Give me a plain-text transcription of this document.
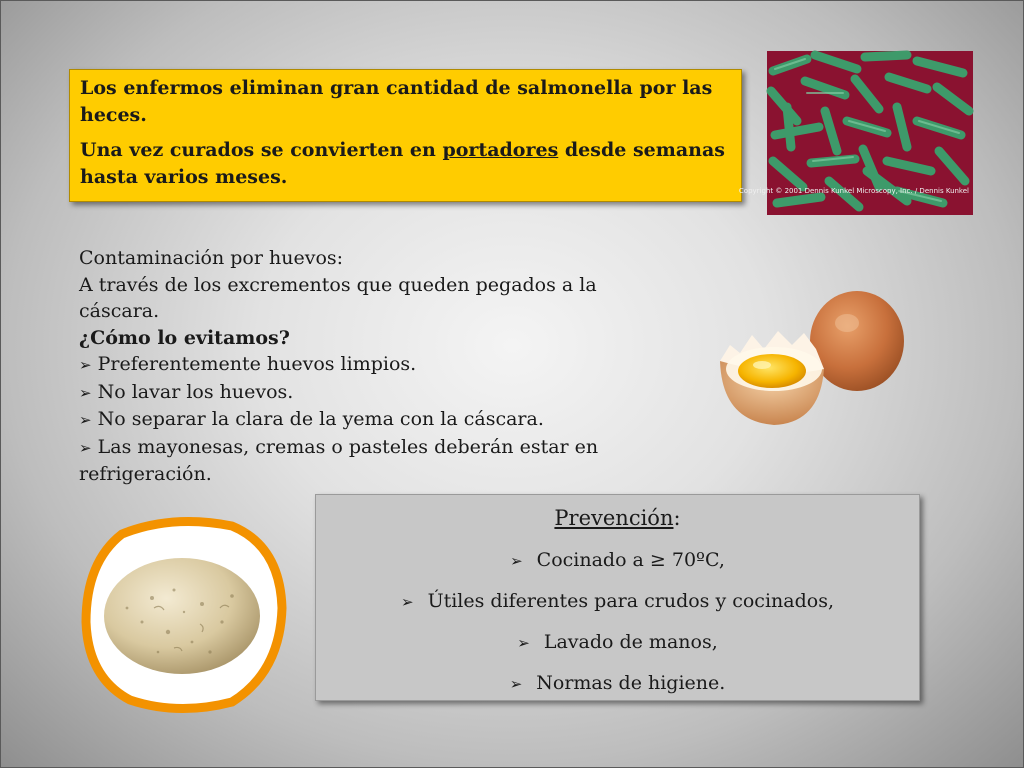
Los enfermos eliminan gran cantidad de salmonella por las heces.

Una vez curados se convierten en portadores desde semanas hasta varios meses.

Copyright © 2001 Dennis Kunkel Microscopy, Inc. / Dennis Kunkel
Contaminación por huevos:
A través de los excrementos que queden pegados a la cáscara.
¿Cómo lo evitamos?
➢ Preferentemente huevos limpios.
➢ No lavar los huevos.
➢ No separar la clara de la yema con la cáscara.
➢ Las mayonesas, cremas o pasteles deberán estar en refrigeración.
Prevención:
➢ Cocinado a ≥ 70ºC,
➢ Útiles diferentes para crudos y cocinados,
➢ Lavado de manos,
➢ Normas de higiene.
